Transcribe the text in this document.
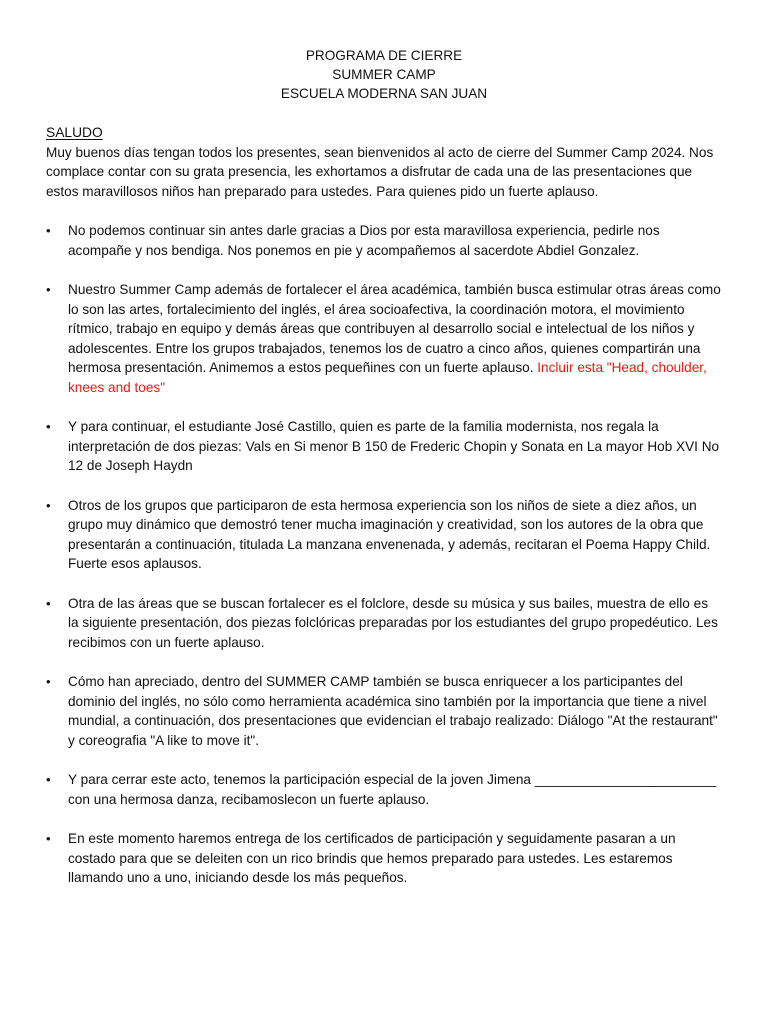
PROGRAMA DE CIERRE
SUMMER CAMP
ESCUELA MODERNA SAN JUAN
SALUDO

Muy buenos días tengan todos los presentes, sean bienvenidos al acto de cierre del Summer Camp 2024. Nos complace contar con su grata presencia, les exhortamos a disfrutar de cada una de las presentaciones que estos maravillosos niños han preparado para ustedes. Para quienes pido un fuerte aplauso.

• No podemos continuar sin antes darle gracias a Dios por esta maravillosa experiencia, pedirle nos acompañe y nos bendiga. Nos ponemos en pie y acompañemos al sacerdote Abdiel Gonzalez.
• Nuestro Summer Camp además de fortalecer el área académica, también busca estimular otras áreas como lo son las artes, fortalecimiento del inglés, el área socioafectiva, la coordinación motora, el movimiento rítmico, trabajo en equipo y demás áreas que contribuyen al desarrollo social e intelectual de los niños y adolescentes. Entre los grupos trabajados, tenemos los de cuatro a cinco años, quienes compartirán una hermosa presentación. Animemos a estos pequeñines con un fuerte aplauso. Incluir esta "Head, choulder, knees and toes"
• Y para continuar, el estudiante José Castillo, quien es parte de la familia modernista, nos regala la interpretación de dos piezas: Vals en Si menor B 150 de Frederic Chopin y Sonata en La mayor Hob XVI No 12 de Joseph Haydn
• Otros de los grupos que participaron de esta hermosa experiencia son los niños de siete a diez años, un grupo muy dinámico que demostró tener mucha imaginación y creatividad, son los autores de la obra que presentarán a continuación, titulada La manzana envenenada, y además, recitaran el Poema Happy Child. Fuerte esos aplausos.
• Otra de las áreas que se buscan fortalecer es el folclore, desde su música y sus bailes, muestra de ello es la siguiente presentación, dos piezas folclóricas preparadas por los estudiantes del grupo propedéutico. Les recibimos con un fuerte aplauso.
• Cómo han apreciado, dentro del SUMMER CAMP también se busca enriquecer a los participantes del dominio del inglés, no sólo como herramienta académica sino también por la importancia que tiene a nivel mundial, a continuación, dos presentaciones que evidencian el trabajo realizado: Diálogo "At the restaurant" y coreografia "A like to move it".
• Y para cerrar este acto, tenemos la participación especial de la joven Jimena ________________________ con una hermosa danza, recibamoslecon un fuerte aplauso.
• En este momento haremos entrega de los certificados de participación y seguidamente pasaran a un costado para que se deleiten con un rico brindis que hemos preparado para ustedes. Les estaremos llamando uno a uno, iniciando desde los más pequeños.
